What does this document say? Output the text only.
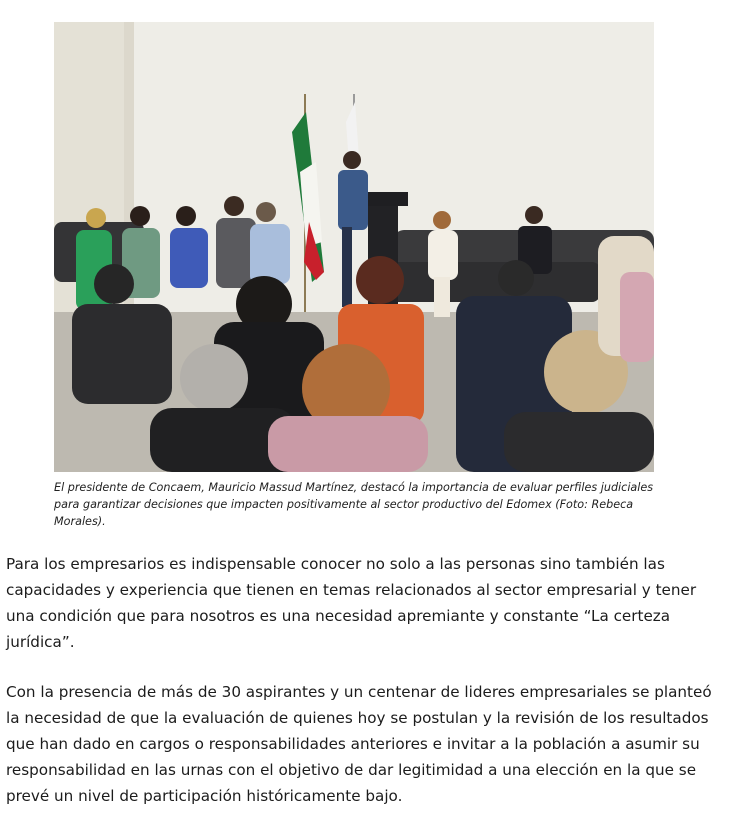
El presidente de Concaem, Mauricio Massud Martínez, destacó la importancia de evaluar perfiles judiciales para garantizar decisiones que impacten positivamente al sector productivo del Edomex (Foto: Rebeca Morales).

Para los empresarios es indispensable conocer no solo a las personas sino también las capacidades y experiencia que tienen en temas relacionados al sector empresarial y tener una condición que para nosotros es una necesidad apremiante y constante “La certeza jurídica”.

Con la presencia de más de 30 aspirantes y un centenar de lideres empresariales se planteó la necesidad de que la evaluación de quienes hoy se postulan y la revisión de los resultados que han dado en cargos o responsabilidades anteriores e invitar a la población a asumir su responsabilidad en las urnas con el objetivo de dar legitimidad a una elección en la que se prevé un nivel de participación históricamente bajo.
